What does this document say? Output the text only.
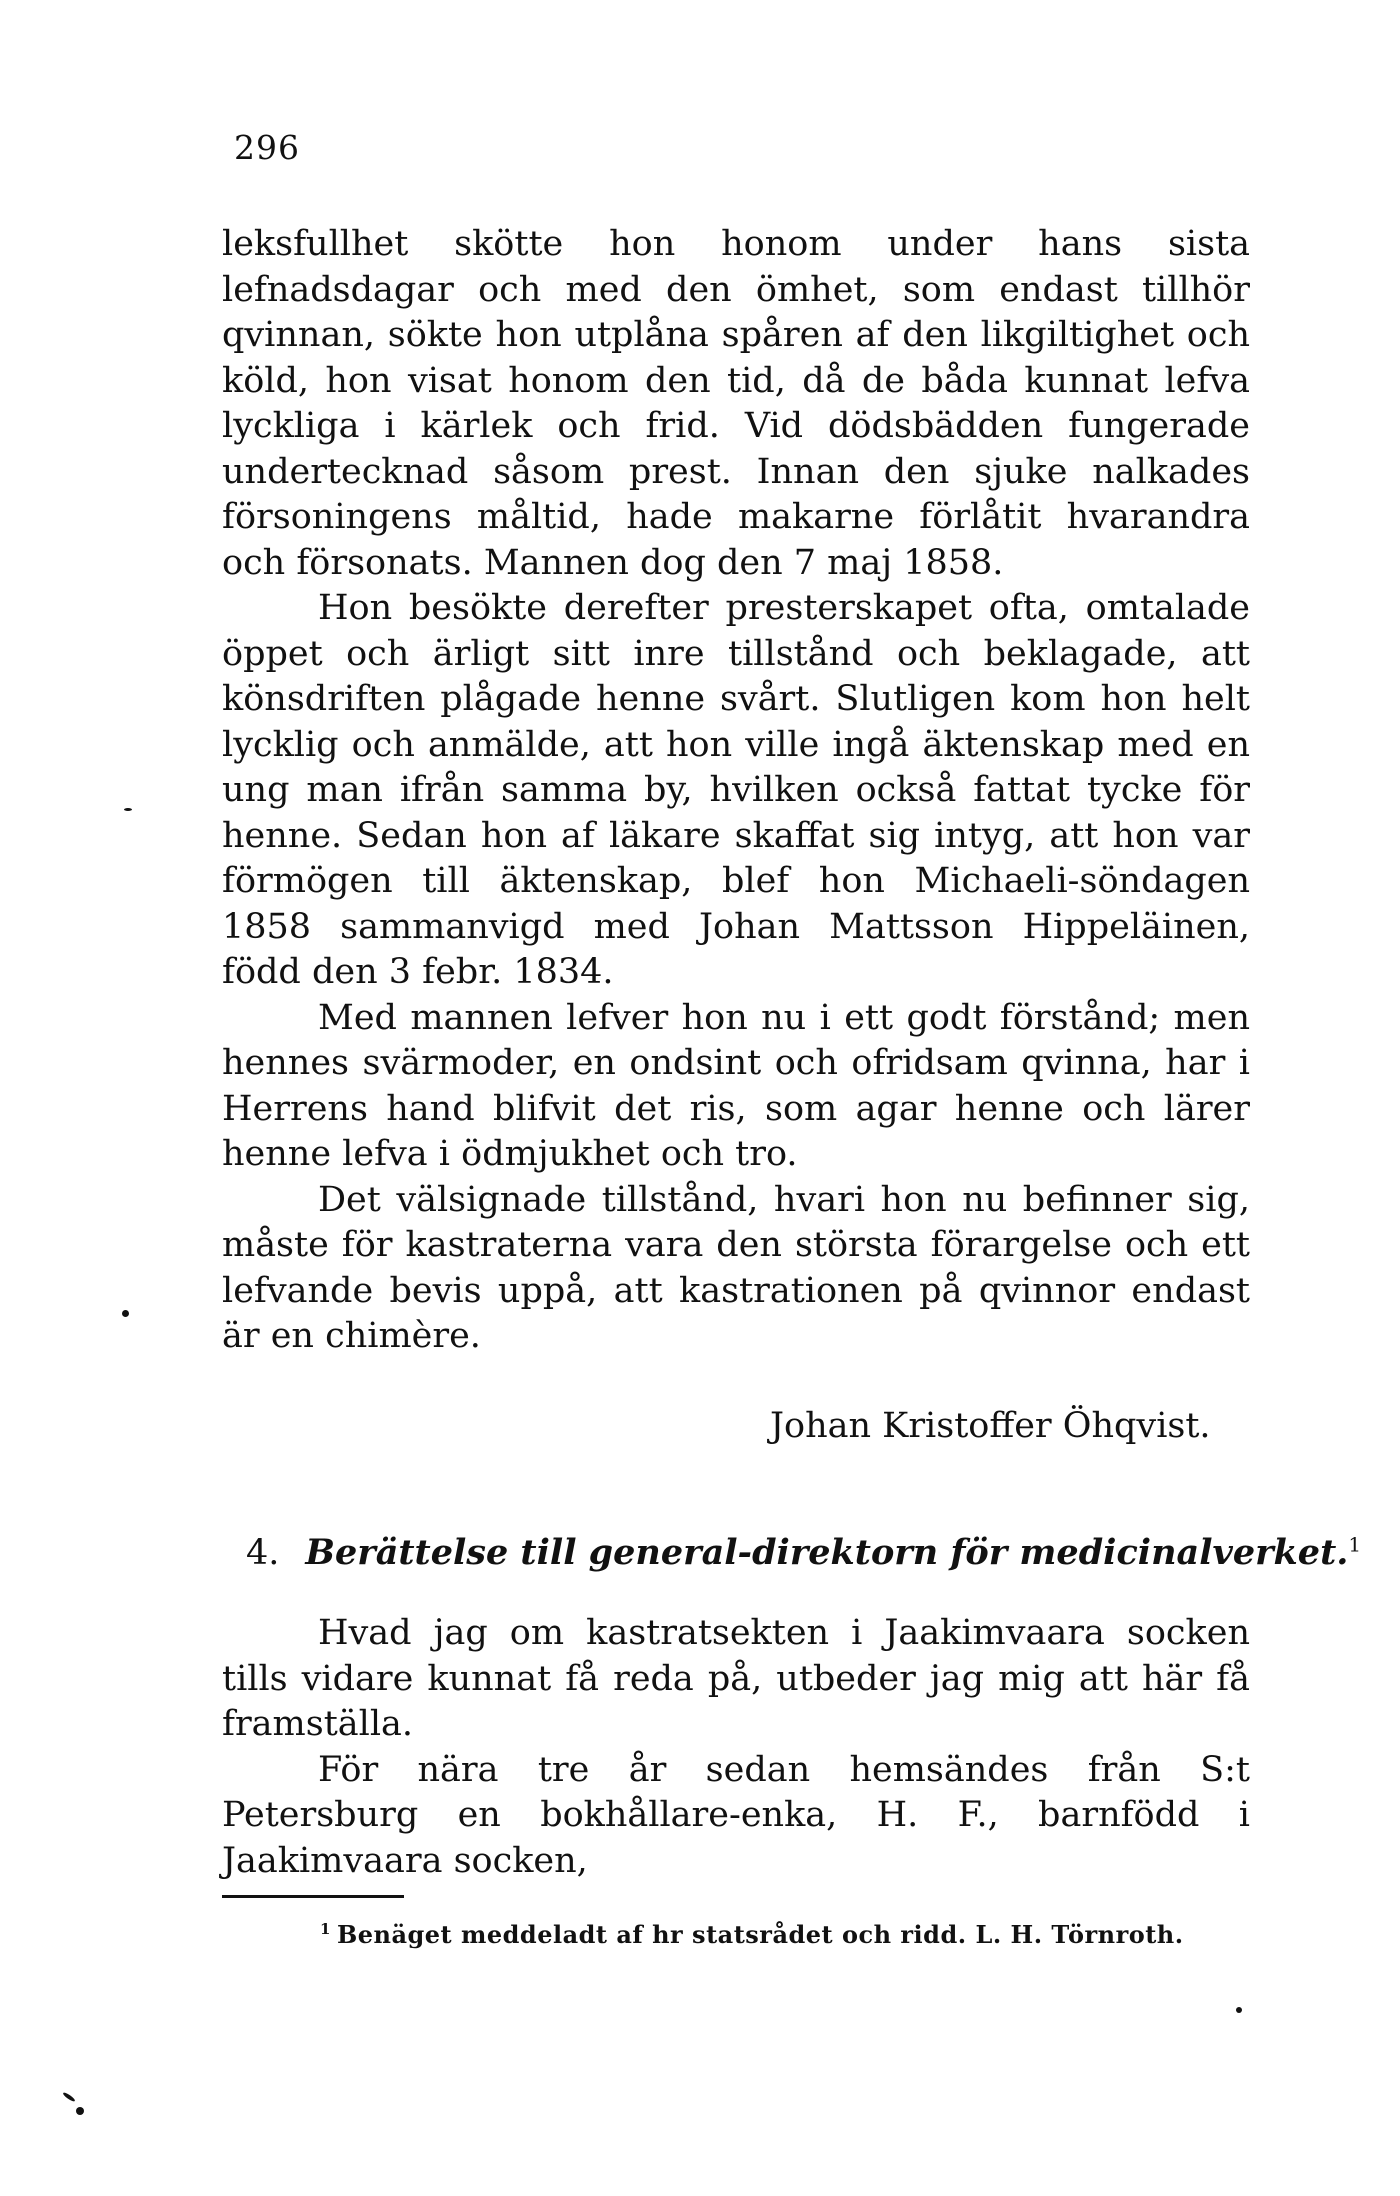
296

leksfullhet skötte hon honom under hans sista lefnadsdagar och med den ömhet, som endast tillhör qvinnan, sökte hon utplåna spåren af den likgiltighet och köld, hon visat honom den tid, då de båda kunnat lefva lyckliga i kärlek och frid. Vid dödsbädden fungerade undertecknad såsom prest. Innan den sjuke nalkades försoningens måltid, hade makarne förlåtit hvarandra och försonats. Mannen dog den 7 maj 1858.

Hon besökte derefter presterskapet ofta, omtalade öppet och ärligt sitt inre tillstånd och beklagade, att könsdriften plågade henne svårt. Slutligen kom hon helt lycklig och anmälde, att hon ville ingå äktenskap med en ung man ifrån samma by, hvilken också fattat tycke för henne. Sedan hon af läkare skaffat sig intyg, att hon var förmögen till äktenskap, blef hon Michaeli-söndagen 1858 sammanvigd med Johan Mattsson Hippeläinen, född den 3 febr. 1834.

Med mannen lefver hon nu i ett godt förstånd; men hennes svärmoder, en ondsint och ofridsam qvinna, har i Herrens hand blifvit det ris, som agar henne och lärer henne lefva i ödmjukhet och tro.

Det välsignade tillstånd, hvari hon nu befinner sig, måste för kastraterna vara den största förargelse och ett lefvande bevis uppå, att kastrationen på qvinnor endast är en chimère.

Johan Kristoffer Öhqvist.
4. Berättelse till general-direktorn för medicinalverket.$^1$

Hvad jag om kastratsekten i Jaakimvaara socken tills vidare kunnat få reda på, utbeder jag mig att här få framställa.

För nära tre år sedan hemsändes från S:t Petersburg en bokhållare-enka, H. F., barnfödd i Jaakimvaara socken,

$^1$ Benäget meddeladt af hr statsrådet och ridd. L. H. Törnroth.
